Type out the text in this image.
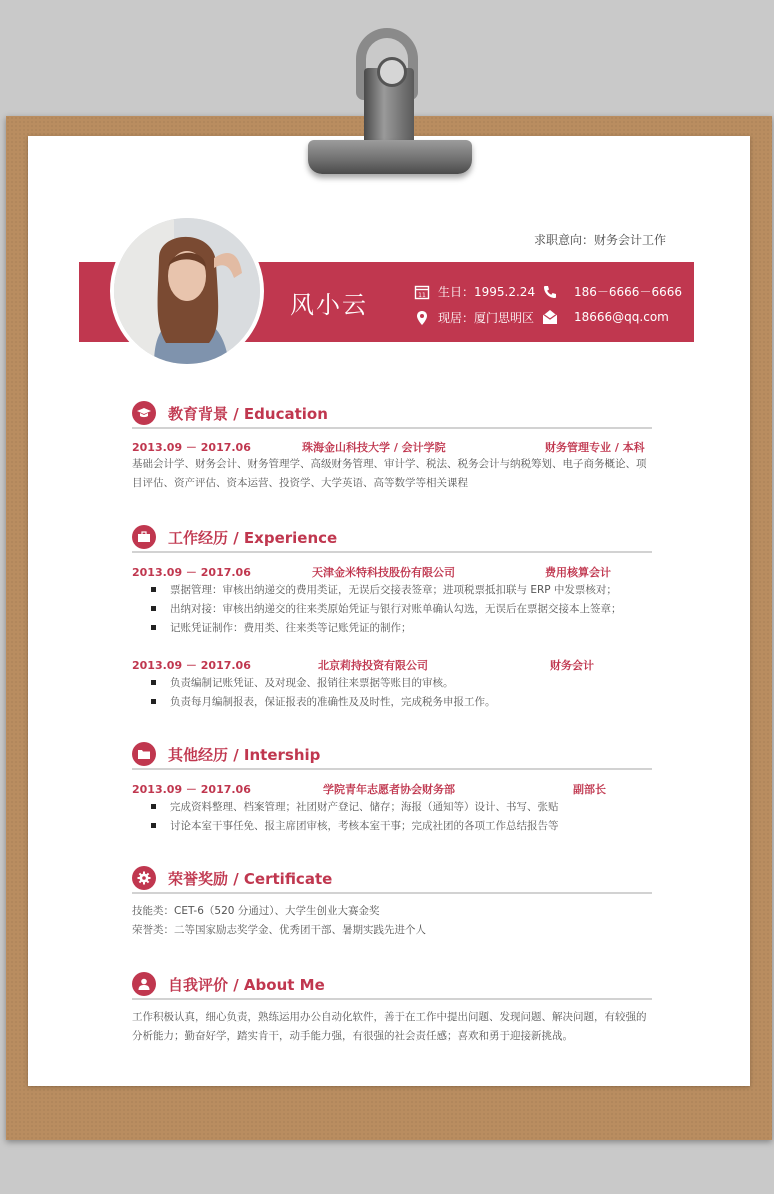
求职意向：财务会计工作
风小云	11 生日：1995.2.24
现居：厦门思明区
186－6666－6666
18666@qq.com
教育背景 / Education
2013.09 － 2017.06	珠海金山科技大学 / 会计学院	财务管理专业 / 本科
基础会计学、财务会计、财务管理学、高级财务管理、审计学、税法、税务会计与纳税筹划、电子商务概论、项目评估、资产评估、资本运营、投资学、大学英语、高等数学等相关课程
工作经历 / Experience
2013.09 － 2017.06	天津金米特科技股份有限公司	费用核算会计
票据管理：审核出纳递交的费用类证，无误后交接表签章；进项税票抵扣联与 ERP 中发票核对；
出纳对接：审核出纳递交的往来类原始凭证与银行对账单确认勾选，无误后在票据交接本上签章；
记账凭证制作：费用类、往来类等记账凭证的制作；
2013.09 － 2017.06	北京莉持投资有限公司	财务会计
负责编制记账凭证、及对现金、报销往来票据等账目的审核。
负责每月编制报表，保证报表的准确性及及时性，完成税务申报工作。
其他经历 / Intership
2013.09 － 2017.06	学院青年志愿者协会财务部	副部长
完成资料整理、档案管理；社团财产登记、储存；海报（通知等）设计、书写、张贴
讨论本室干事任免、报主席团审核，考核本室干事；完成社团的各项工作总结报告等
荣誉奖励 / Certificate
技能类：CET-6（520 分通过）、大学生创业大赛金奖
荣誉类：二等国家励志奖学金、优秀团干部、暑期实践先进个人
自我评价 / About Me
工作积极认真，细心负责，熟练运用办公自动化软件，善于在工作中提出问题、发现问题、解决问题，有较强的分析能力；勤奋好学，踏实肯干，动手能力强，有很强的社会责任感；喜欢和勇于迎接新挑战。
